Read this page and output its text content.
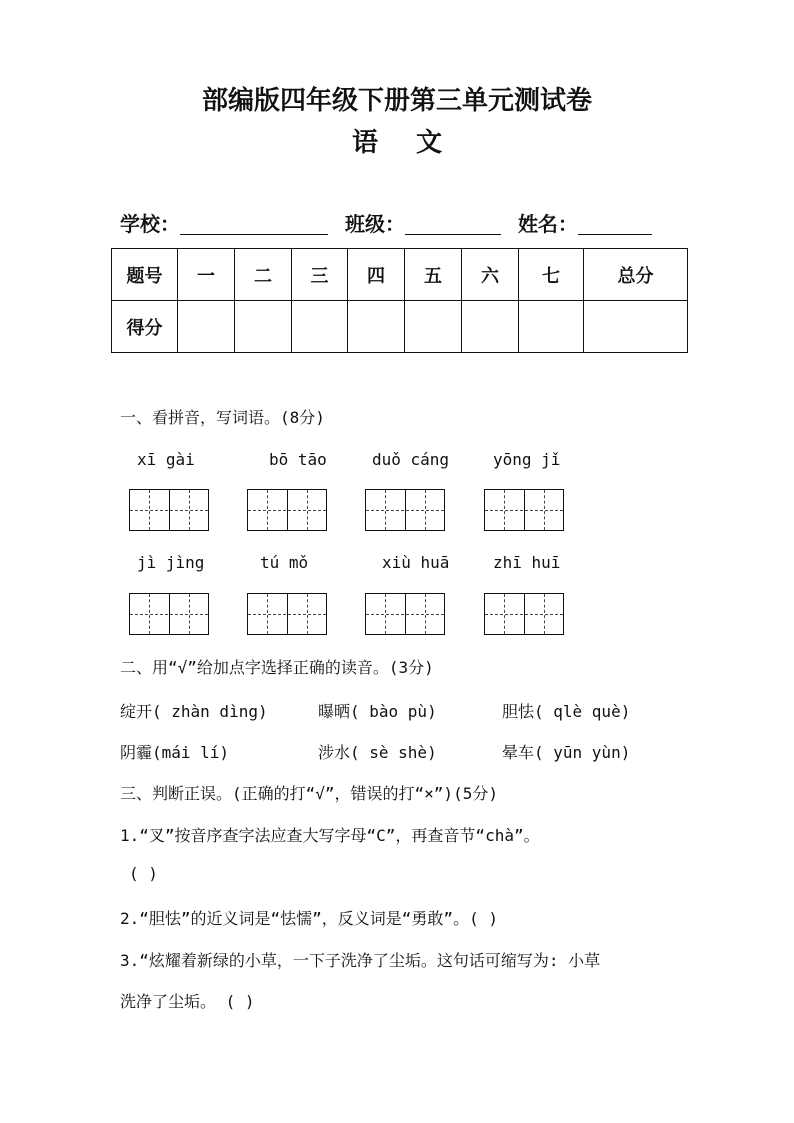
部编版四年级下册第三单元测试卷
语文
学校：	班级：	姓名：
题号	一	二	三	四	五	六	七	总分
得分								
一、看拼音，写词语。(8分)
xī gài	bō tāo	duǒ cáng	yōng jǐ
jì jìng	tú mǒ	xiù huā	zhī huī
二、用“√”给加点字选择正确的读音。(3分)
绽开( zhàn dìng)	曝晒( bào pù)	胆怯( qlè què)
阴霾(mái lí)	涉水( sè shè)	晕车( yūn yùn)
三、判断正误。(正确的打“√”，错误的打“×”)(5分)
1.“叉”按音序查字法应查大写字母“C”，再查音节“chà”。
( )
2.“胆怯”的近义词是“怯懦”，反义词是“勇敢”。( )
3.“炫耀着新绿的小草，一下子洗净了尘垢。这句话可缩写为: 小草
洗净了尘垢。 ( )
